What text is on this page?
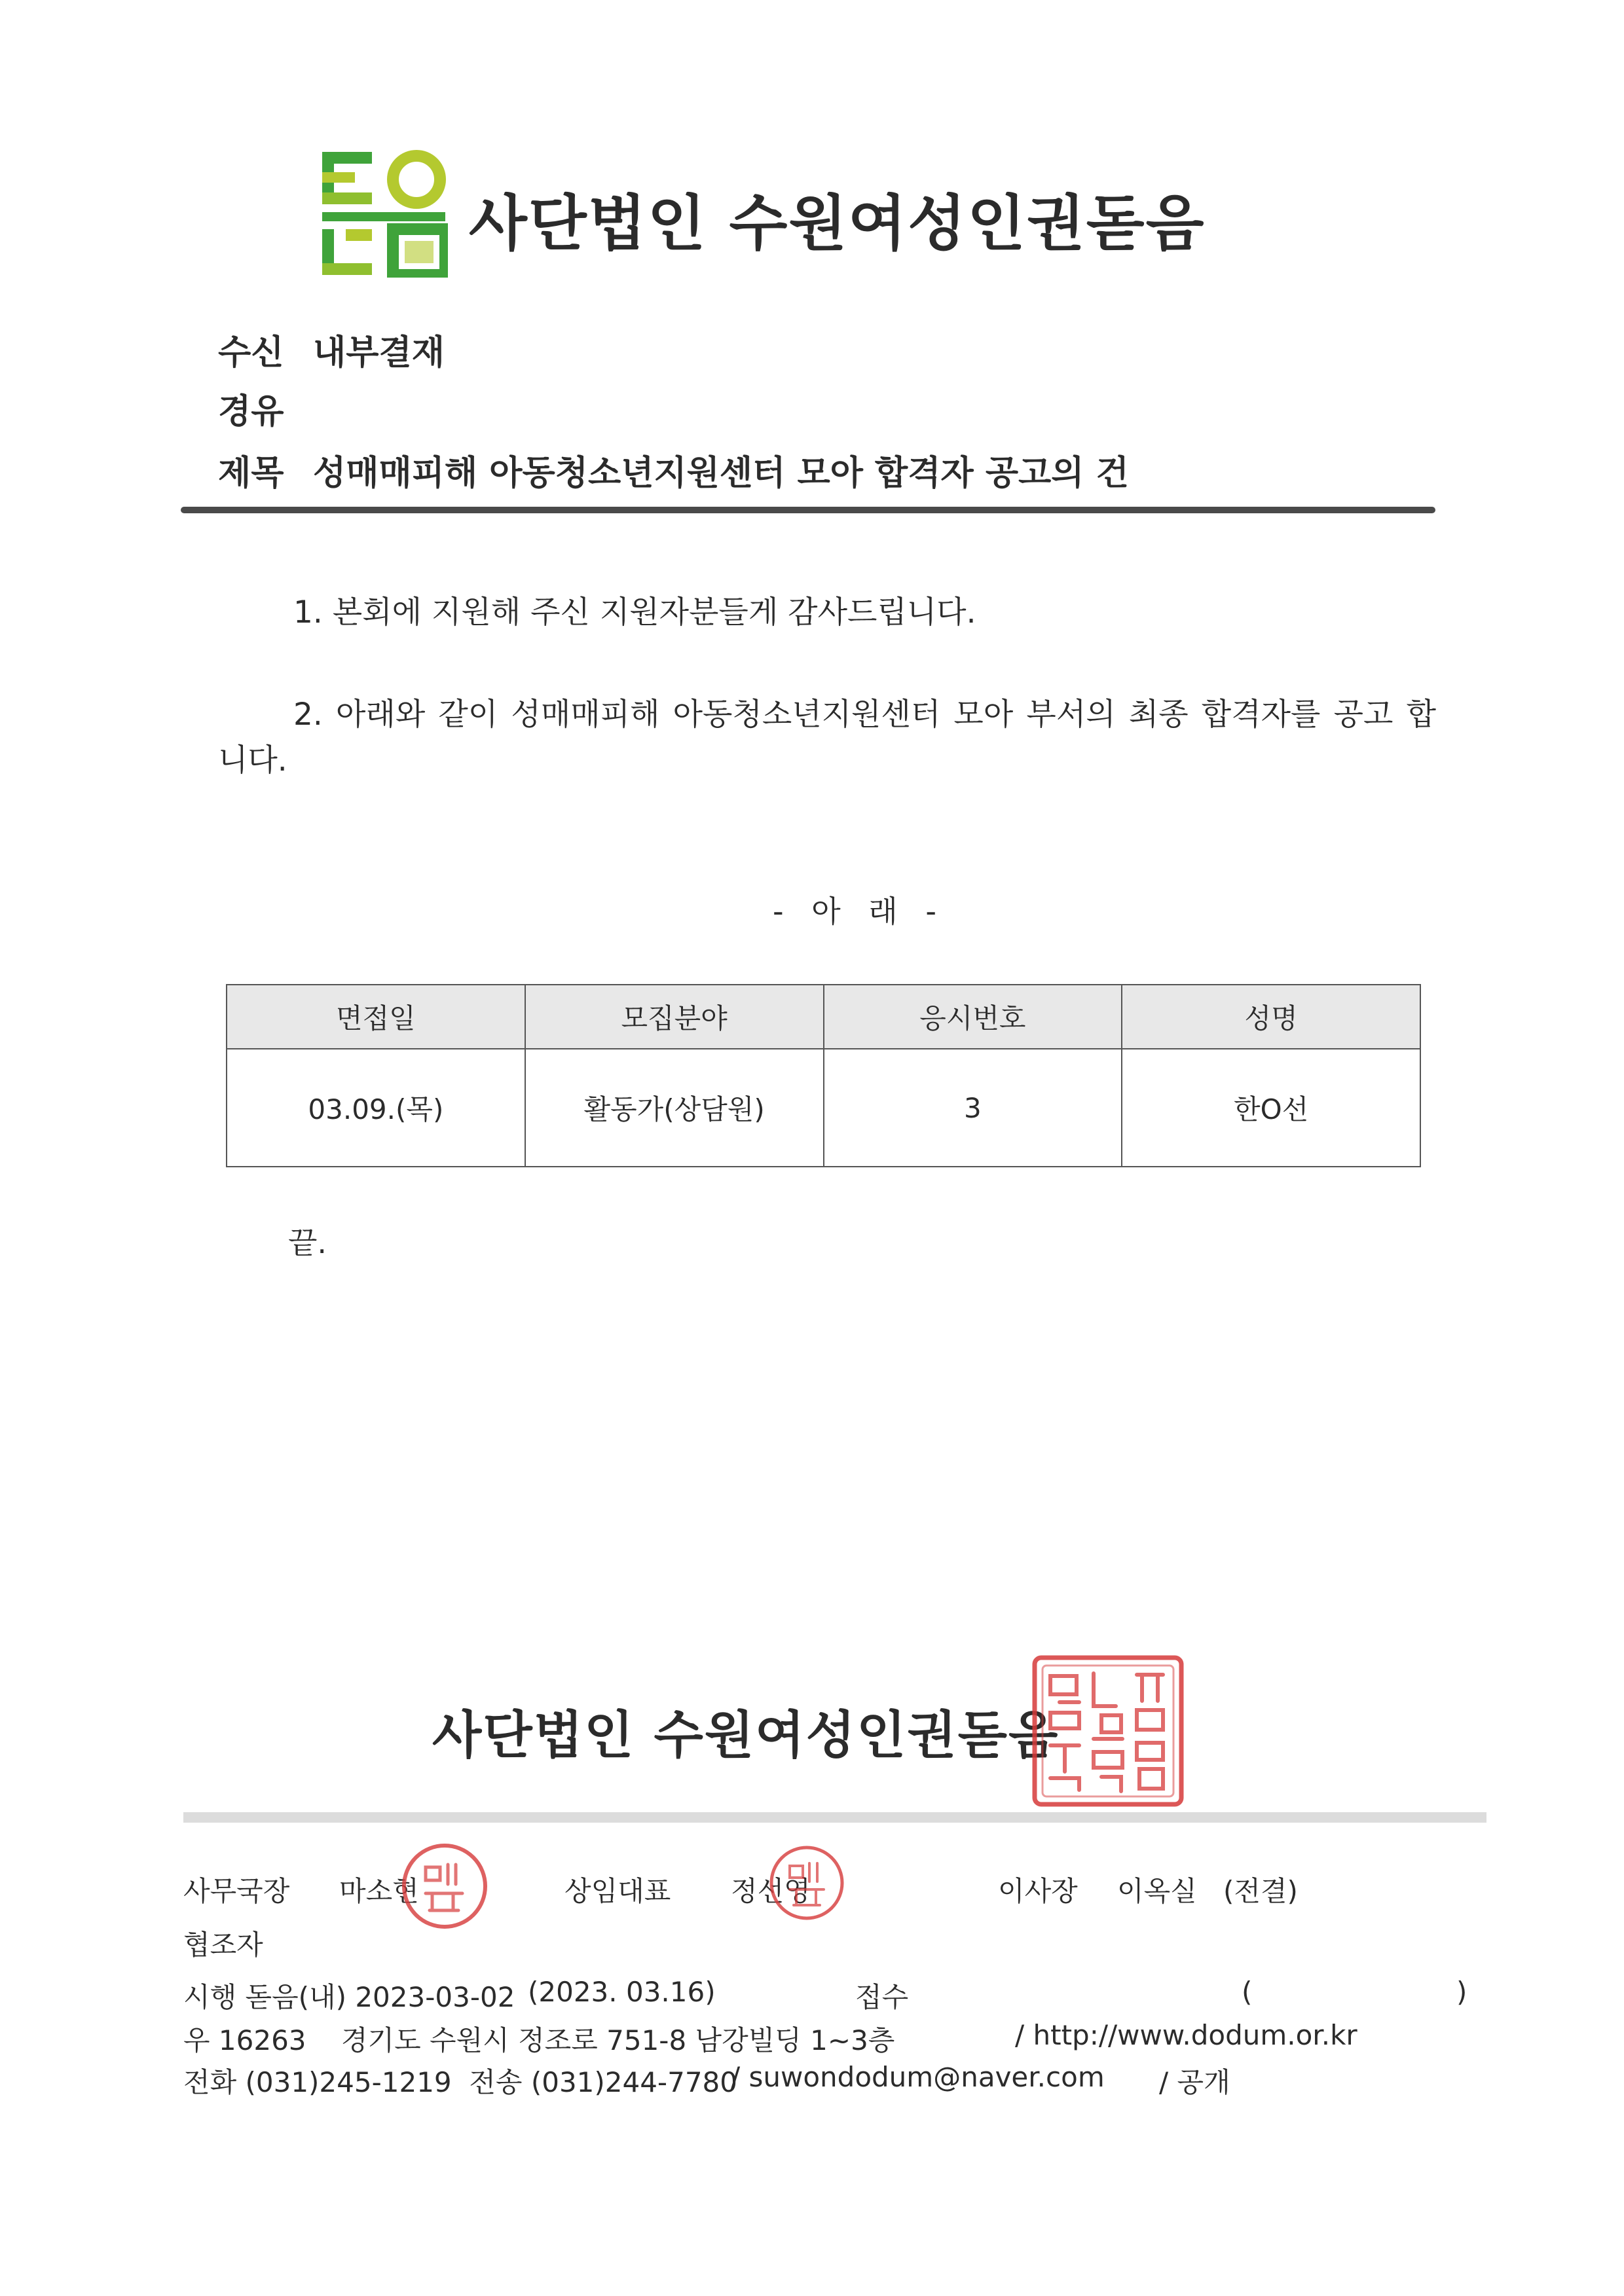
사단법인 수원여성인권돋음
수신 내부결재
경유
제목 성매매피해 아동청소년지원센터 모아 합격자 공고의 건
1. 본회에 지원해 주신 지원자분들게 감사드립니다.
2. 아래와 같이 성매매피해 아동청소년지원센터 모아 부서의 최종 합격자를 공고 합
니다.
- 아 래 -
면접일	모집분야	응시번호	성명
03.09.(목)	활동가(상담원)	3	한O선
끝.
사단법인 수원여성인권돋음
사무국장 마소현	상임대표 정선영	이사장 이옥실 (전결)
협조자
시행 돋음(내) 2023-03-02 (2023. 03.16)	접수	(	)
우 16263    경기도 수원시 정조로 751-8 남강빌딩 1~3층	/ http://www.dodum.or.kr
전화 (031)245-1219  전송 (031)244-7780
/ suwondodum@naver.com / 공개
